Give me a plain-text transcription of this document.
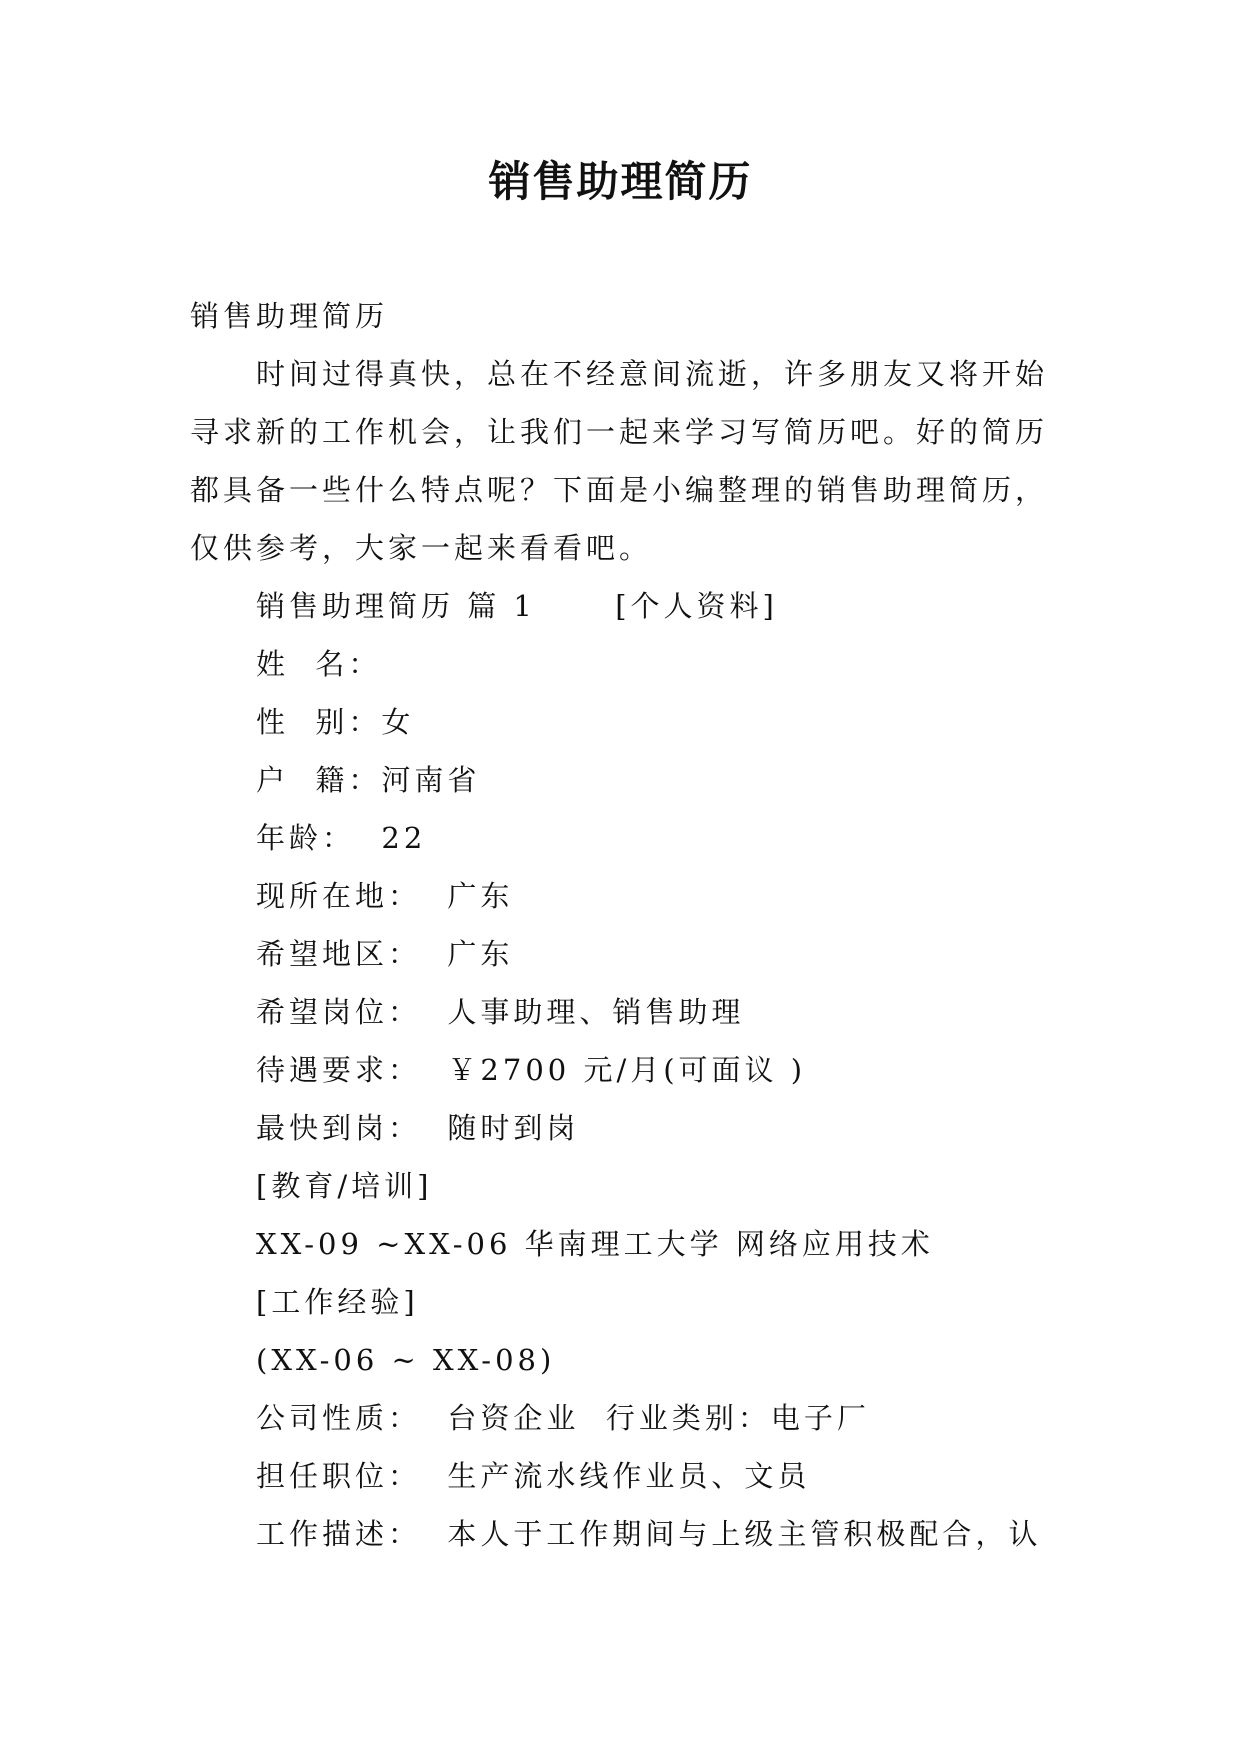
销售助理简历
销售助理简历
时间过得真快，总在不经意间流逝，许多朋友又将开始寻求新的工作机会，让我们一起来学习写简历吧。好的简历都具备一些什么特点呢？下面是小编整理的销售助理简历，仅供参考，大家一起来看看吧。
销售助理简历 篇 1      [个人资料]
姓  名：
性  别：女
户  籍：河南省
年龄：  22
现所在地：  广东
希望地区：  广东
希望岗位：  人事助理、销售助理
待遇要求：  ￥2700 元/月(可面议 )
最快到岗：  随时到岗
[教育/培训]
XX-09 ~XX-06 华南理工大学 网络应用技术
[工作经验]
(XX-06 ~ XX-08)
公司性质：  台资企业  行业类别：电子厂
担任职位：  生产流水线作业员、文员
工作描述：  本人于工作期间与上级主管积极配合，认
